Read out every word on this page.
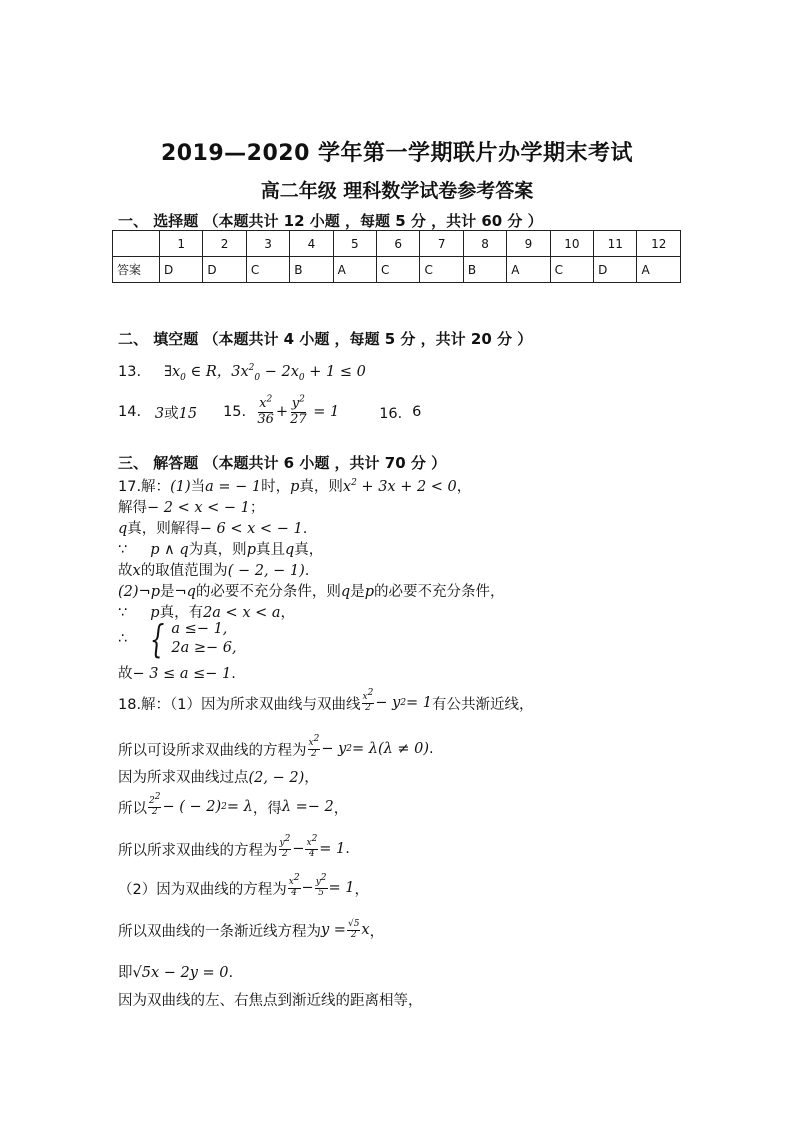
2019—2020 学年第一学期联片办学期末考试
高二年级 理科数学试卷参考答案
一、 选择题 （本题共计 12 小题 ，每题 5 分 ，共计 60 分 ）
	1	2	3	4	5	6	7	8	9	10	11	12
答案	D	D	C	B	A	C	C	B	A	C	D	A
二、 填空题 （本题共计 4 小题 ，每题 5 分 ，共计 20 分 ）
13. $\exists x_0$ ∈ R，$3x^2_0 - 2x_0 + 1 \le 0$
14.
3或15 15.
$\frac{x^2}{36} + \frac{y^2}{27}$
= 1	16． 6
三、 解答题 （本题共计 6 小题 ，共计 70 分 ）
17.解：(1)当a = − 1时，p真，则$x^2 + 3x + 2 < 0$，
解得− 2 < x < − 1；
q真，则解得− 6 < x < − 1.
∵ p ∧ q为真，则p真且q真，
故x的取值范围为( − 2, − 1).
(2)¬p是¬q的必要不充分条件，则q是p的必要不充分条件，
∵ p真，有2a < x < a，
∴ { a ≤− 1,
2a ≥− 6,
故− 3 ≤ a ≤− 1.
18.解：（1）因为所求双曲线与双曲线 $\frac{x^2}{2} - y$ 2 = 1 有公共渐近线，
所以可设所求双曲线的方程为 $\frac{x^2}{2} - y$ 2 = λ(λ ≠ 0) .
因为所求双曲线过点(2, − 2)，
所以 $\frac{2^2}{2}$ − ( − 2) 2 = λ ，得 λ =− 2 ，
所以所求双曲线的方程为 $\frac{y^2}{2} - \frac{x^2}{4} = 1$ .
（2）因为双曲线的方程为 $\frac{x^2}{4} - \frac{y^2}{5} = 1$ ，
所以双曲线的一条渐近线方程为 $y = \frac{√5}{2}$ x ，
即√5x − 2y = 0.
因为双曲线的左、右焦点到渐近线的距离相等，
